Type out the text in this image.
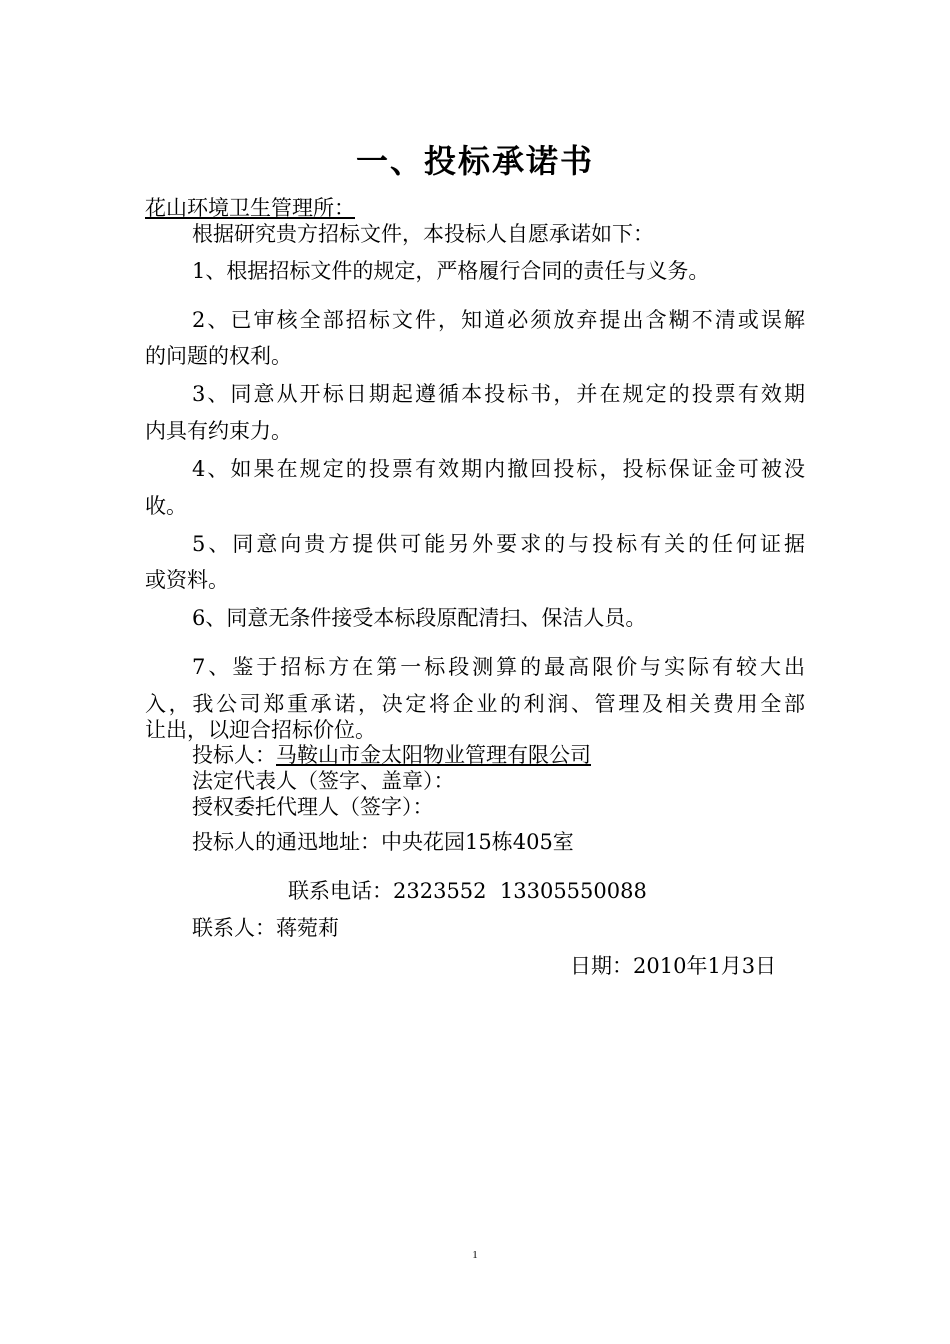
一、投标承诺书
花山环境卫生管理所：
根据研究贵方招标文件，本投标人自愿承诺如下：
1、根据招标文件的规定，严格履行合同的责任与义务。
2、已审核全部招标文件，知道必须放弃提出含糊不清或误解
的问题的权利。
3、同意从开标日期起遵循本投标书，并在规定的投票有效期
内具有约束力。
4、如果在规定的投票有效期内撤回投标，投标保证金可被没
收。
5、同意向贵方提供可能另外要求的与投标有关的任何证据
或资料。
6、同意无条件接受本标段原配清扫、保洁人员。
7、鉴于招标方在第一标段测算的最高限价与实际有较大出
入，我公司郑重承诺，决定将企业的利润、管理及相关费用全部
让出，以迎合招标价位。
投标人：马鞍山市金太阳物业管理有限公司
法定代表人（签字、盖章）：
授权委托代理人（签字）：
投标人的通迅地址：中央花园15栋405室
联系电话：2323552  13305550088
联系人：蒋菀莉
日期：2010年1月3日
1
